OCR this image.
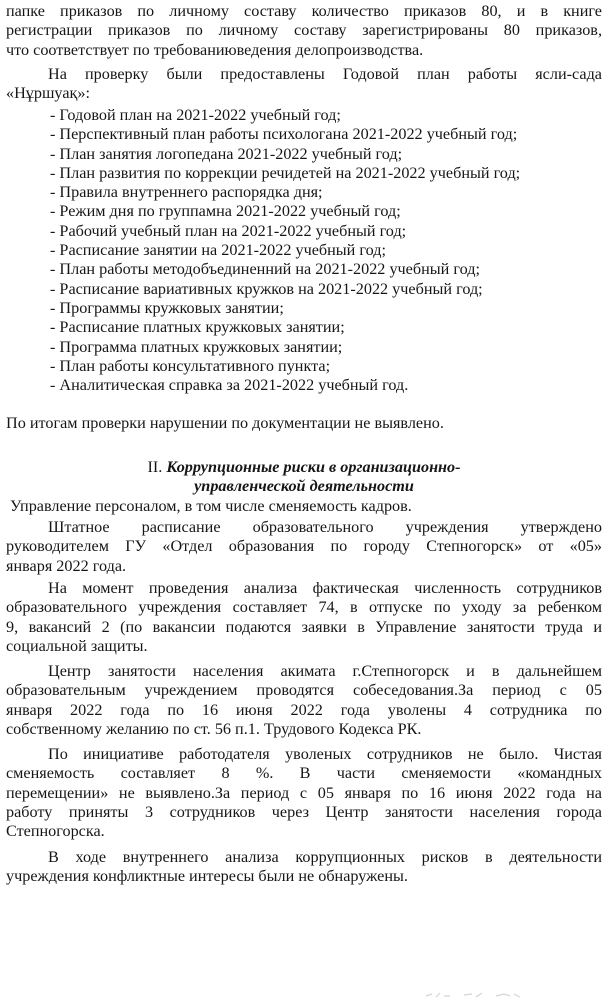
папке приказов по личному составу количество приказов 80, и в книге
регистрации приказов по личному составу зарегистрированы 80 приказов,
что соответствует по требованиюведения делопроизводства.
На проверку были предоставлены Годовой план работы ясли-сада
«Нұршуақ»:
- Годовой план на 2021-2022 учебный год;
- Перспективный план работы психологана 2021-2022 учебный год;
- План занятия логопедана 2021-2022 учебный год;
- План развития по коррекции речидетей на 2021-2022 учебный год;
- Правила внутреннего распорядка дня;
- Режим дня по группамна 2021-2022 учебный год;
- Рабочий учебный план на 2021-2022 учебный год;
- Расписание занятии на 2021-2022 учебный год;
- План работы методобъединенний на 2021-2022 учебный год;
- Расписание вариативных кружков на 2021-2022 учебный год;
- Программы кружковых занятии;
- Расписание платных кружковых занятии;
- Программа платных кружковых занятии;
- План работы консультативного пункта;
- Аналитическая справка за 2021-2022 учебный год.
По итогам проверки нарушении по документации не выявлено.
II. Коррупционные риски в организационно-
управленческой деятельности
Управление персоналом, в том числе сменяемость кадров.
Штатное расписание образовательного учреждения утверждено
руководителем ГУ «Отдел образования по городу Степногорск» от «05»
января 2022 года.
На момент проведения анализа фактическая численность сотрудников
образовательного учреждения составляет 74, в отпуске по уходу за ребенком
9, вакансий 2 (по вакансии подаются заявки в Управление занятости труда и
социальной защиты.
Центр занятости населения акимата г.Степногорск и в дальнейшем
образовательным учреждением проводятся собеседования.За период с 05
января 2022 года по 16 июня 2022 года уволены 4 сотрудника по
собственному желанию по ст. 56 п.1. Трудового Кодекса РК.
По инициативе работодателя уволеных сотрудников не было. Чистая
сменяемость составляет 8 %. В части сменяемости «командных
перемещении» не выявлено.За период с 05 января по 16 июня 2022 года на
работу приняты 3 сотрудников через Центр занятости населения города
Степногорска.
В ходе внутреннего анализа коррупционных рисков в деятельности
учреждения конфликтные интересы были не обнаружены.
